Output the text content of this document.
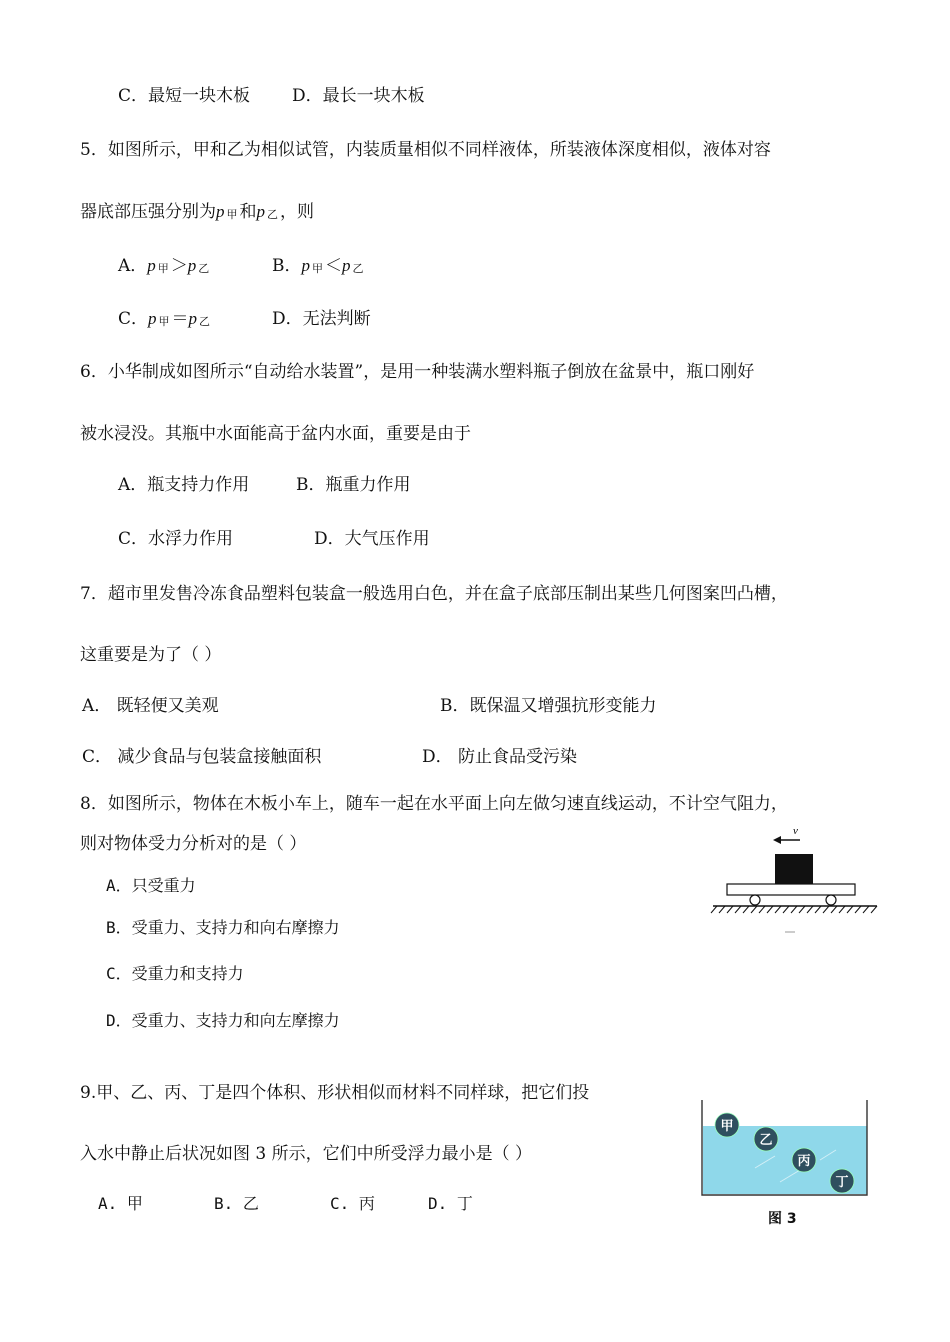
C．最短一块木板 D．最长一块木板
5．如图所示，甲和乙为相似试管，内装质量相似不同样液体，所装液体深度相似，液体对容
器底部压强分别为p 甲 和p 乙 ，则
A．p 甲 ＞p 乙	B．p 甲 ＜p 乙
C．p 甲 ＝p 乙	D．无法判断
6．小华制成如图所示“自动给水装置”，是用一种装满水塑料瓶子倒放在盆景中，瓶口刚好
被水浸没。其瓶中水面能高于盆内水面，重要是由于
A．瓶支持力作用	B．瓶重力作用
C．水浮力作用	D．大气压作用
7．超市里发售冷冻食品塑料包装盒一般选用白色，并在盒子底部压制出某些几何图案凹凸槽，
这重要是为了（ ）
A． 既轻便又美观	B．既保温又增强抗形变能力
C． 减少食品与包装盒接触面积	D． 防止食品受污染
8．如图所示，物体在木板小车上，随车一起在水平面上向左做匀速直线运动，不计空气阻力，
则对物体受力分析对的是（ ）
A．只受重力
B．受重力、支持力和向右摩擦力
C．受重力和支持力
D．受重力、支持力和向左摩擦力
v
9.甲、乙、丙、丁是四个体积、形状相似而材料不同样球，把它们投
入水中静止后状况如图 3 所示，它们中所受浮力最小是（ ）
A. 甲	B. 乙	C. 丙	D. 丁
甲
乙
丙
丁
图 3
